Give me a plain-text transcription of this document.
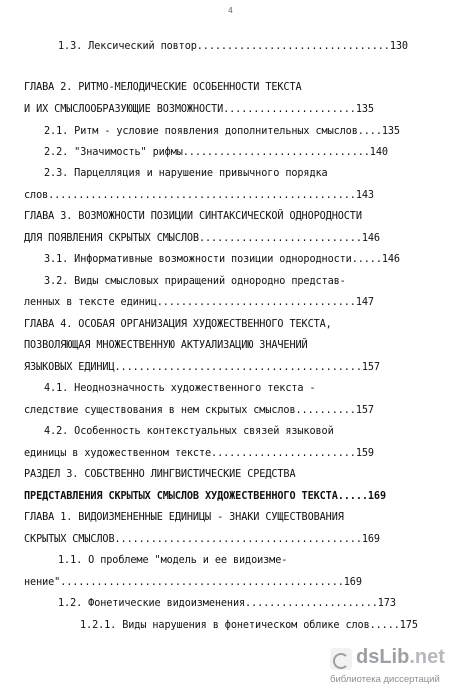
4
1.3. Лексический повтор................................130
ГЛАВА 2. РИТМО-МЕЛОДИЧЕСКИЕ ОСОБЕННОСТИ ТЕКСТА
И ИХ СМЫСЛООБРАЗУЮЩИЕ ВОЗМОЖНОСТИ......................135
2.1. Ритм - условие появления дополнительных смыслов....135
2.2. "Значимость" рифмы...............................140
2.3. Парцелляция и нарушение привычного порядка
слов...................................................143
ГЛАВА 3. ВОЗМОЖНОСТИ ПОЗИЦИИ СИНТАКСИЧЕСКОЙ ОДНОРОДНОСТИ
ДЛЯ ПОЯВЛЕНИЯ СКРЫТЫХ СМЫСЛОВ...........................146
3.1. Информативные возможности позиции однородности.....146
3.2. Виды смысловых приращений однородно представ-
ленных в тексте единиц.................................147
ГЛАВА 4. ОСОБАЯ ОРГАНИЗАЦИЯ ХУДОЖЕСТВЕННОГО ТЕКСТА,
ПОЗВОЛЯЮЩАЯ МНОЖЕСТВЕННУЮ АКТУАЛИЗАЦИЮ ЗНАЧЕНИЙ
ЯЗЫКОВЫХ ЕДИНИЦ.........................................157
4.1. Неоднозначность художественного текста -
следствие существования в нем скрытых смыслов..........157
4.2. Особенность контекстуальных связей языковой
единицы в художественном тексте........................159
РАЗДЕЛ 3. СОБСТВЕННО ЛИНГВИСТИЧЕСКИЕ СРЕДСТВА
ПРЕДСТАВЛЕНИЯ СКРЫТЫХ СМЫСЛОВ ХУДОЖЕСТВЕННОГО ТЕКСТА.....169
ГЛАВА 1. ВИДОИЗМЕНЕННЫЕ ЕДИНИЦЫ - ЗНАКИ СУЩЕСТВОВАНИЯ
СКРЫТЫХ СМЫСЛОВ.........................................169
1.1. О проблеме "модель и ее видоизме-
нение"...............................................169
1.2. Фонетические видоизменения......................173
1.2.1. Виды нарушения в фонетическом облике слов.....175
dsLib.net
библиотека диссертаций
